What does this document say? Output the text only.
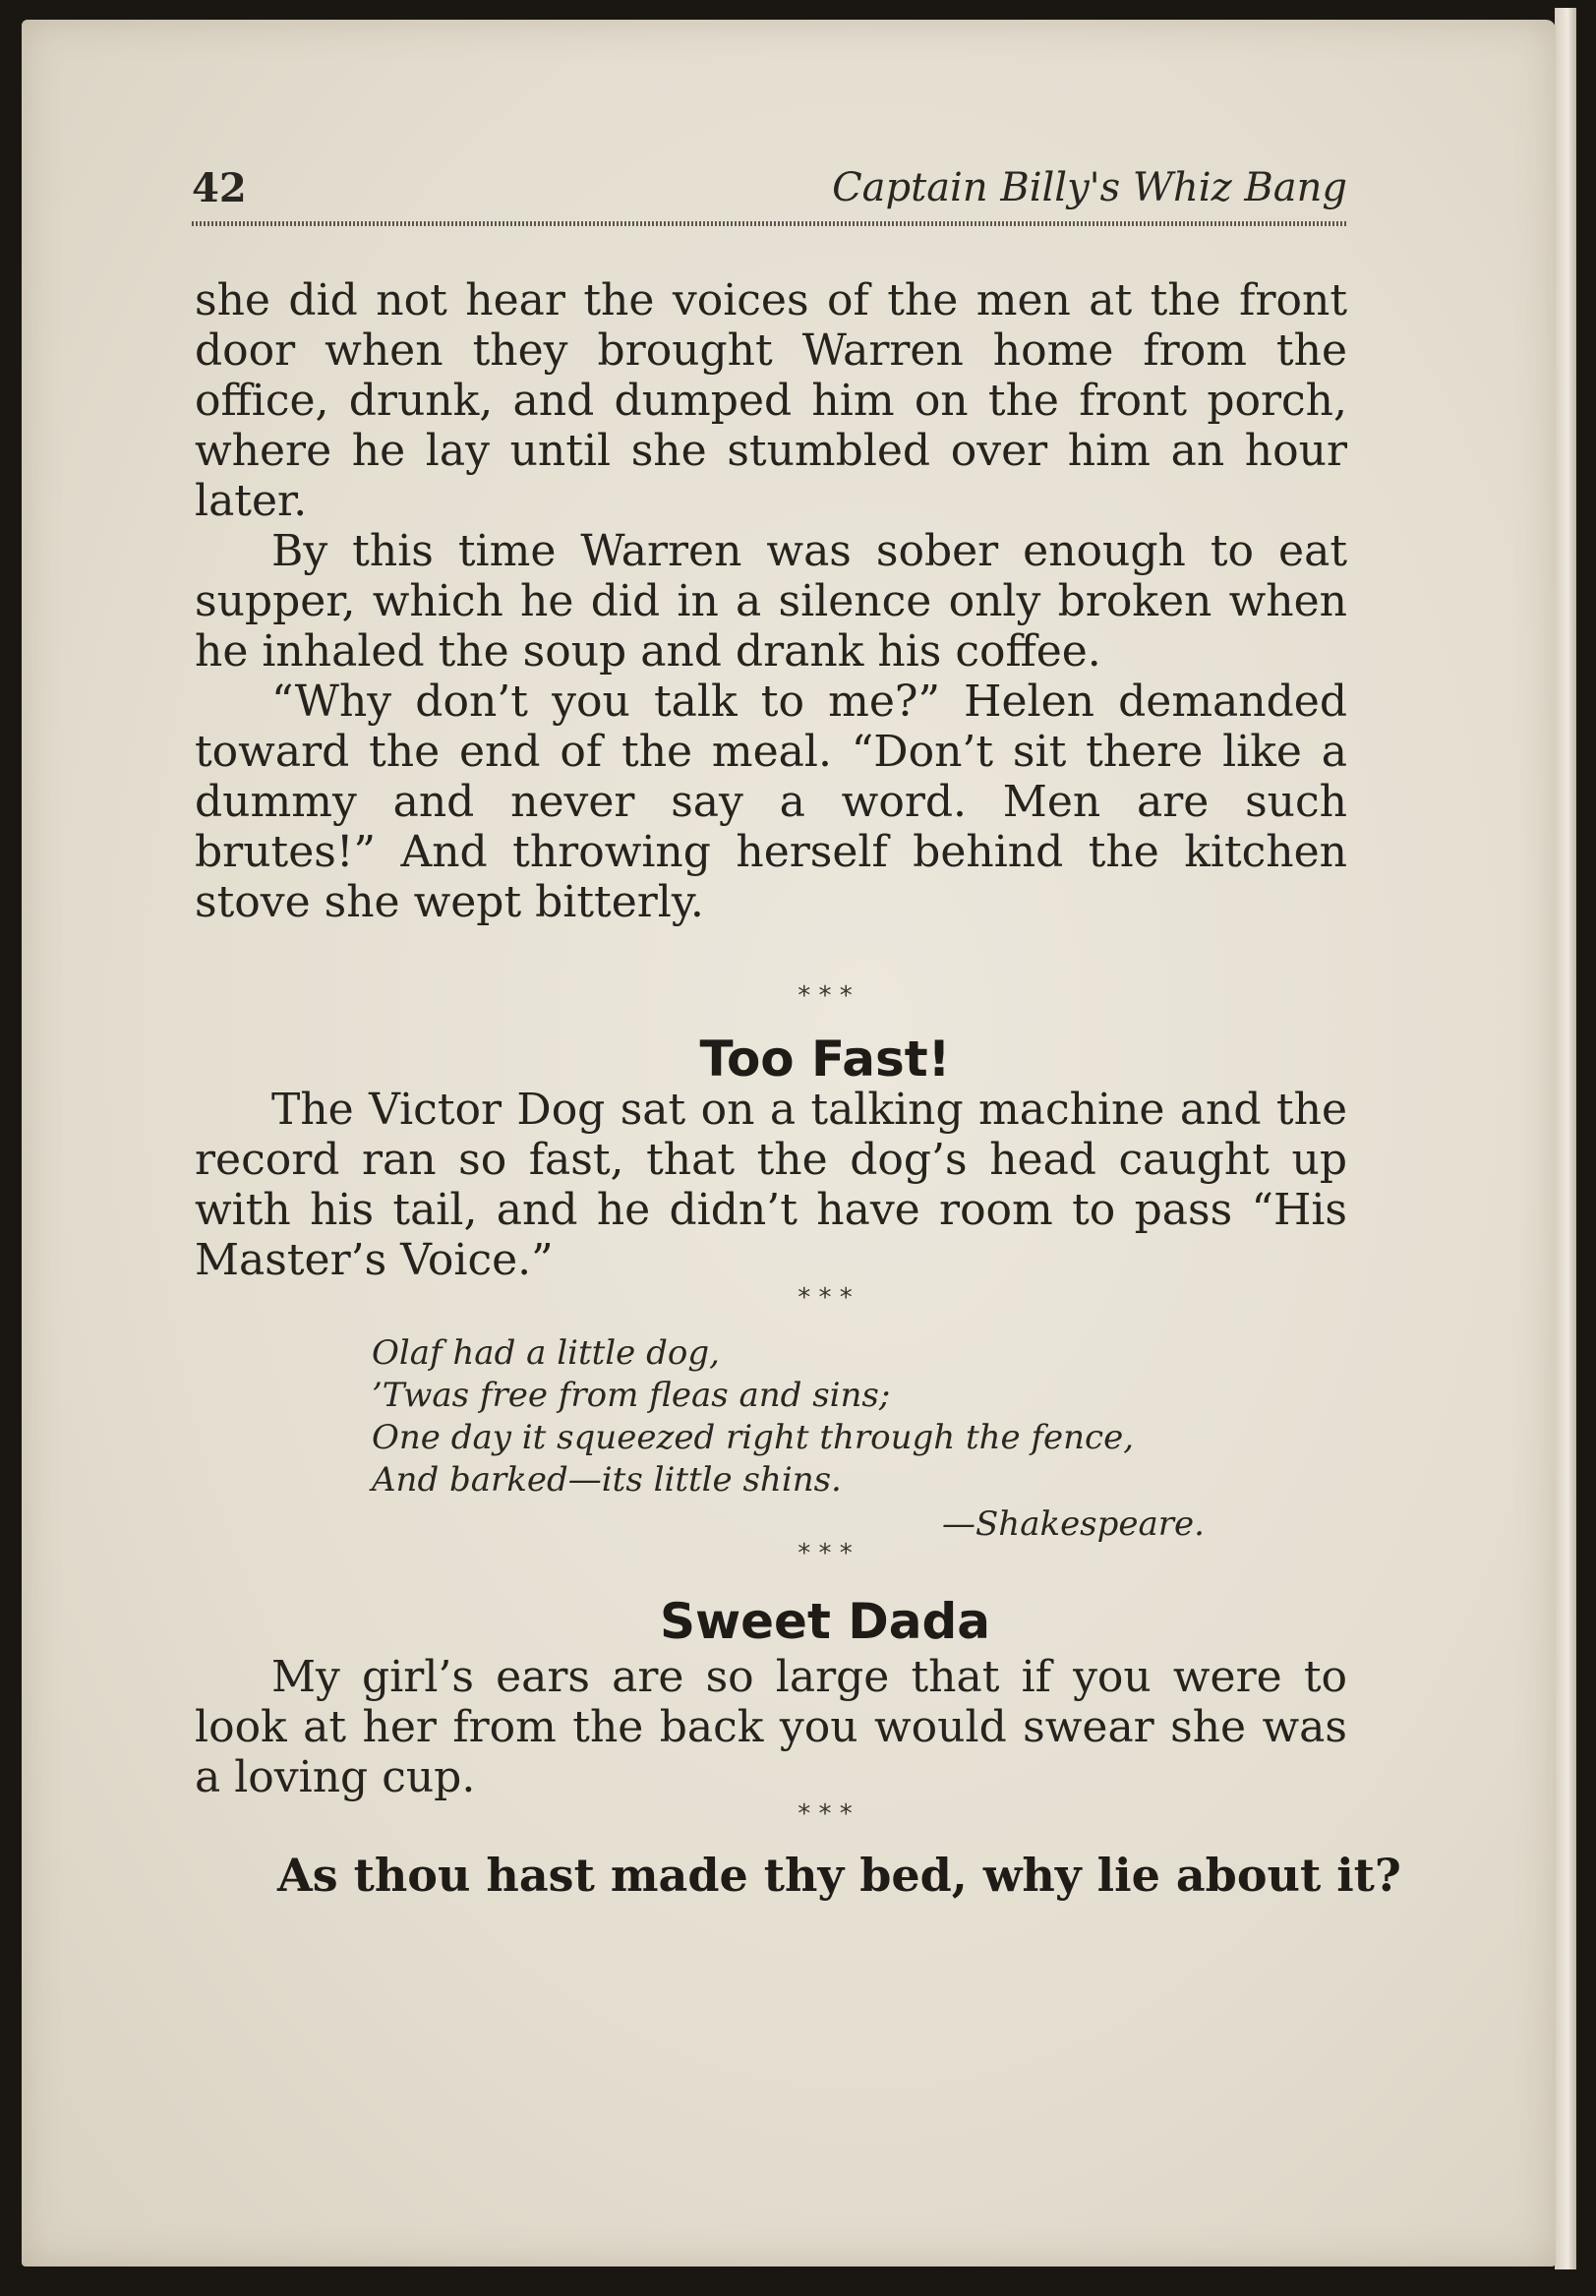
42	Captain Billy's Whiz Bang

she did not hear the voices of the men at the front door when they brought Warren home from the office, drunk, and dumped him on the front porch, where he lay until she stumbled over him an hour later.

By this time Warren was sober enough to eat supper, which he did in a silence only broken when he inhaled the soup and drank his coffee.

“Why don’t you talk to me?” Helen demanded toward the end of the meal. “Don’t sit there like a dummy and never say a word. Men are such brutes!” And throwing herself behind the kitchen stove she wept bitterly.

* * *
Too Fast!

The Victor Dog sat on a talking machine and the record ran so fast, that the dog’s head caught up with his tail, and he didn’t have room to pass “His Master’s Voice.”

* * *
Olaf had a little dog,
’Twas free from fleas and sins;
One day it squeezed right through the fence,
And barked—its little shins.
—Shakespeare.
* * *
Sweet Dada

My girl’s ears are so large that if you were to look at her from the back you would swear she was a loving cup.

* * *
As thou hast made thy bed, why lie about it?
